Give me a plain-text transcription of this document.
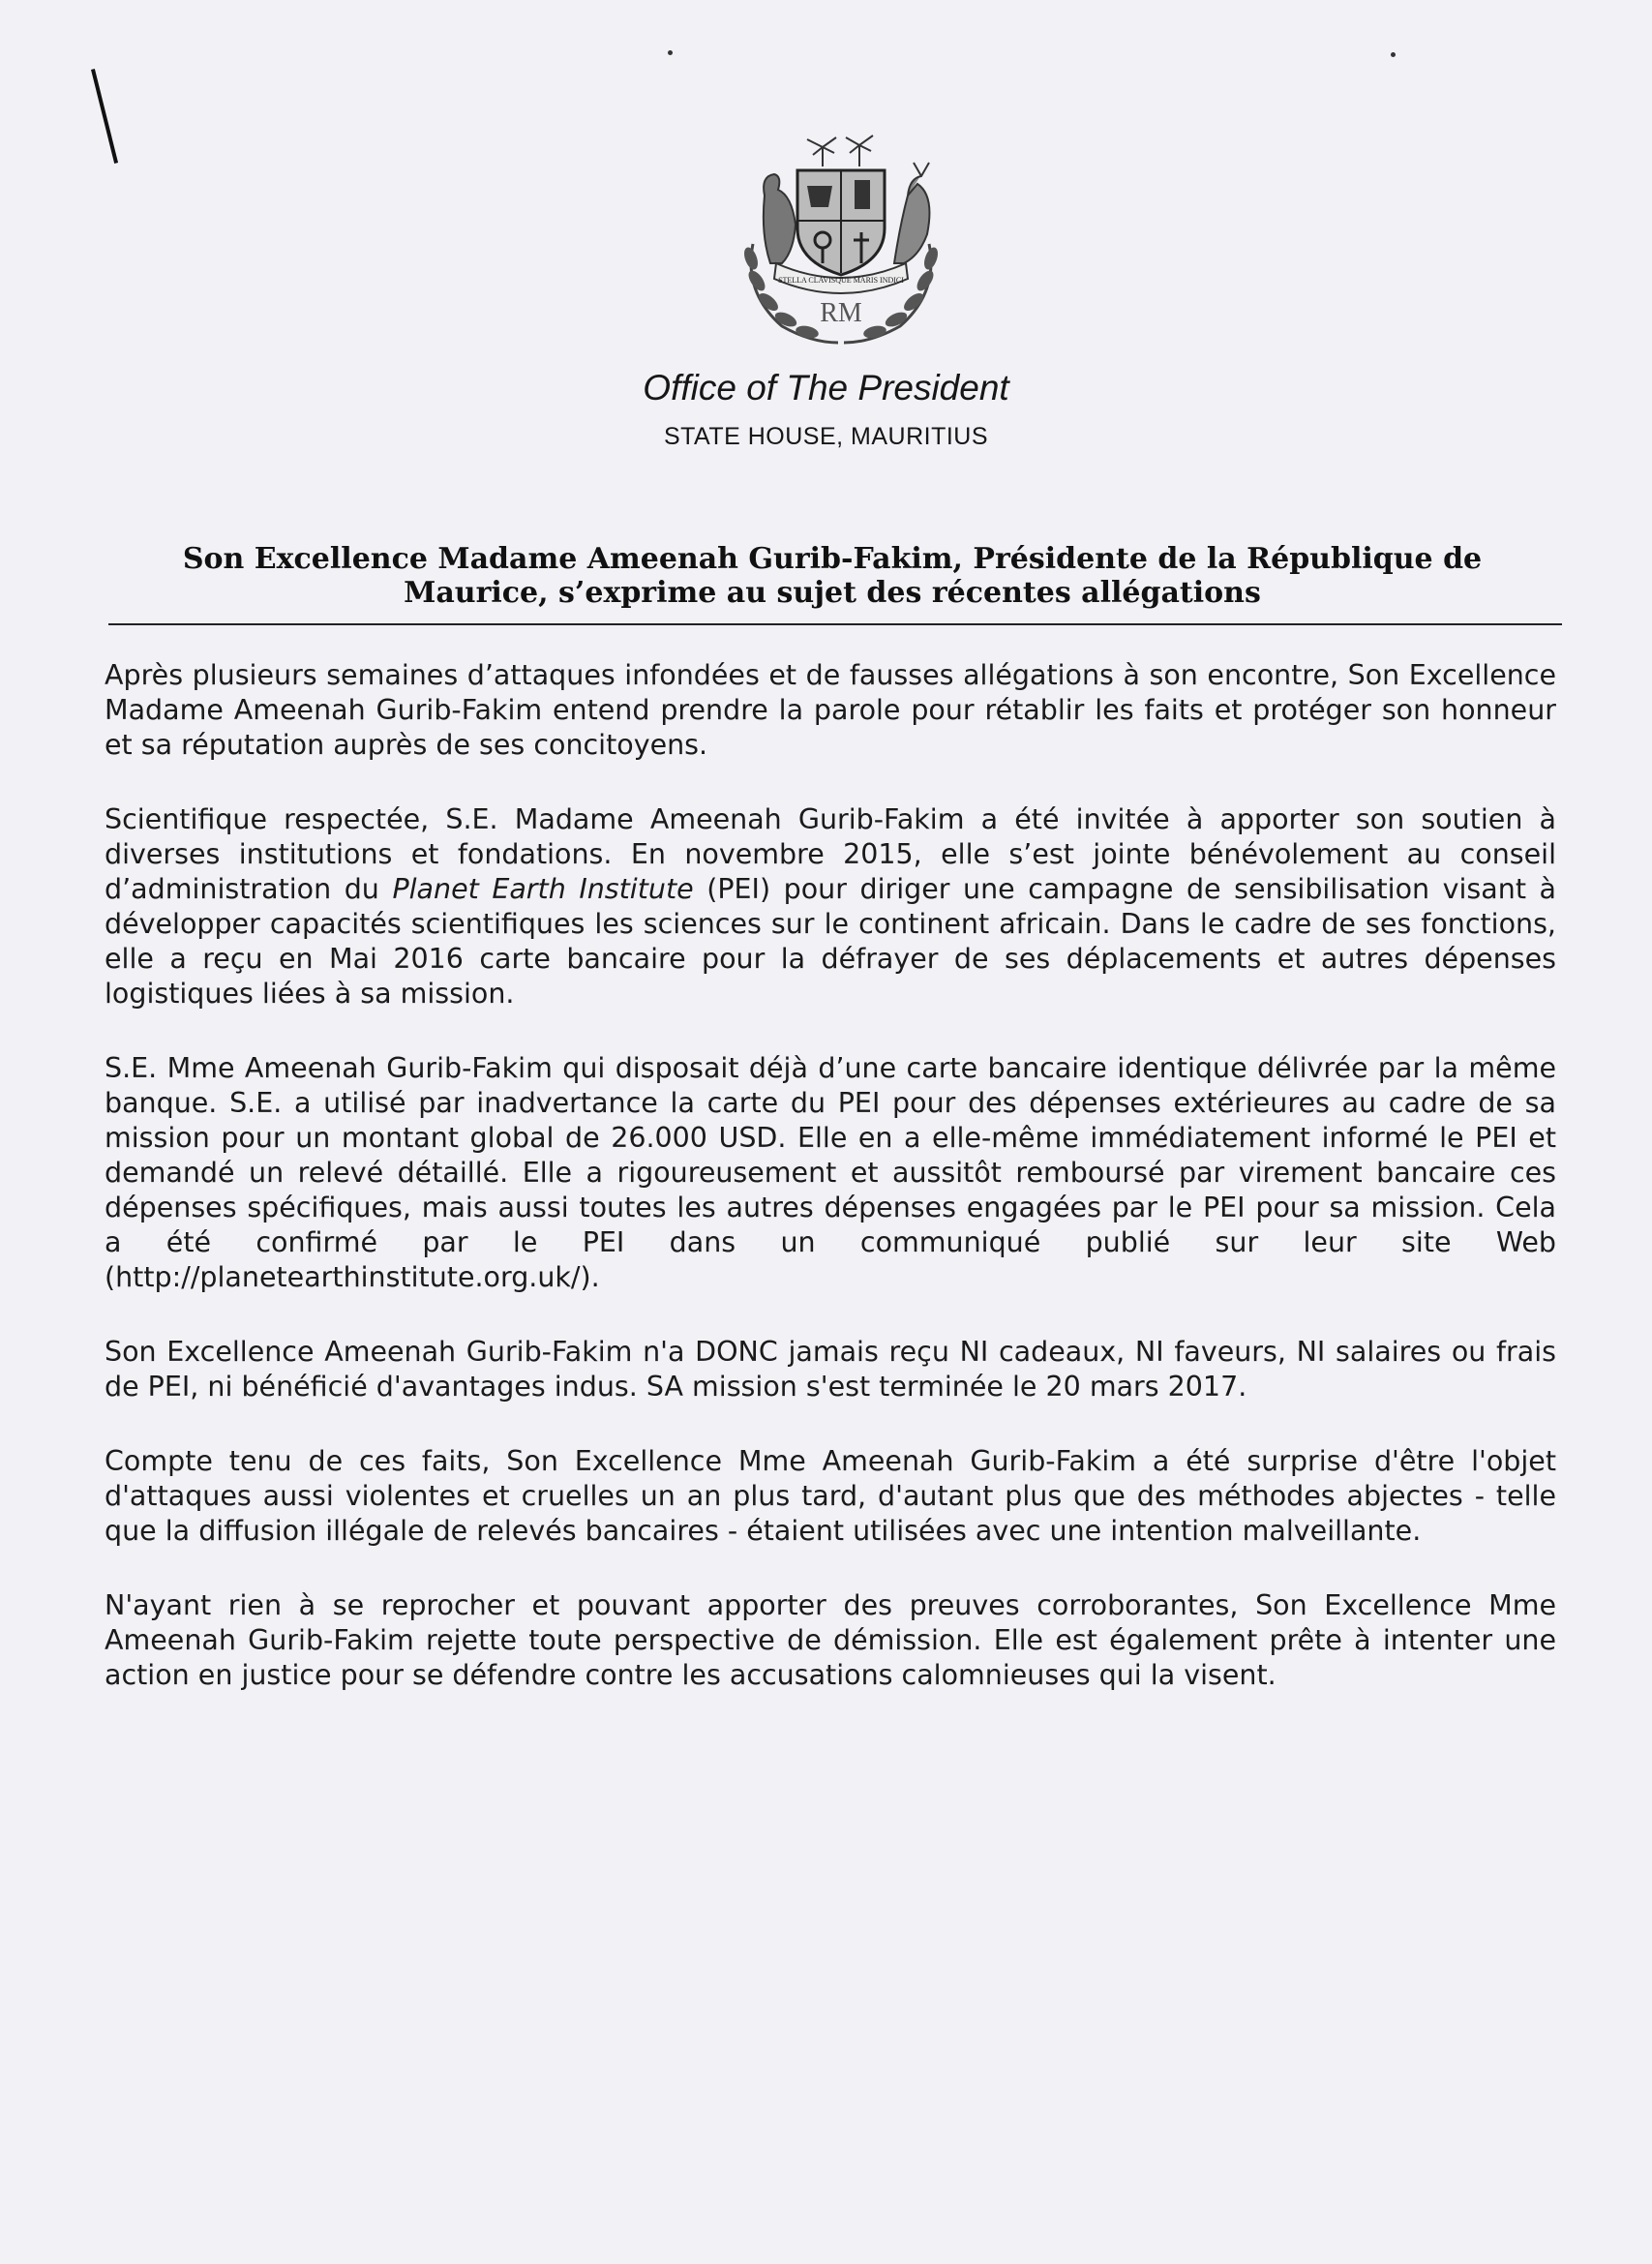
STELLA CLAVISQUE MARIS INDICI
RM

Office of The President

STATE HOUSE, MAURITIUS

Son Excellence Madame Ameenah Gurib-Fakim, Présidente de la République de Maurice, s’exprime au sujet des récentes allégations

Après plusieurs semaines d’attaques infondées et de fausses allégations à son encontre, Son Excellence Madame Ameenah Gurib-Fakim entend prendre la parole pour rétablir les faits et protéger son honneur et sa réputation auprès de ses concitoyens.

Scientifique respectée, S.E. Madame Ameenah Gurib-Fakim a été invitée à apporter son soutien à diverses institutions et fondations. En novembre 2015, elle s’est jointe bénévolement au conseil d’administration du Planet Earth Institute (PEI) pour diriger une campagne de sensibilisation visant à développer capacités scientifiques les sciences sur le continent africain. Dans le cadre de ses fonctions, elle a reçu en Mai 2016 carte bancaire pour la défrayer de ses déplacements et autres dépenses logistiques liées à sa mission.

S.E. Mme Ameenah Gurib-Fakim qui disposait déjà d’une carte bancaire identique délivrée par la même banque. S.E. a utilisé par inadvertance la carte du PEI pour des dépenses extérieures au cadre de sa mission pour un montant global de 26.000 USD. Elle en a elle-même immédiatement informé le PEI et demandé un relevé détaillé. Elle a rigoureusement et aussitôt remboursé par virement bancaire ces dépenses spécifiques, mais aussi toutes les autres dépenses engagées par le PEI pour sa mission. Cela a été confirmé par le PEI dans un communiqué publié sur leur site Web (http://planetearthinstitute.org.uk/).

Son Excellence Ameenah Gurib-Fakim n'a DONC jamais reçu NI cadeaux, NI faveurs, NI salaires ou frais de PEI, ni bénéficié d'avantages indus. SA mission s'est terminée le 20 mars 2017.

Compte tenu de ces faits, Son Excellence Mme Ameenah Gurib-Fakim a été surprise d'être l'objet d'attaques aussi violentes et cruelles un an plus tard, d'autant plus que des méthodes abjectes - telle que la diffusion illégale de relevés bancaires - étaient utilisées avec une intention malveillante.

N'ayant rien à se reprocher et pouvant apporter des preuves corroborantes, Son Excellence Mme Ameenah Gurib-Fakim rejette toute perspective de démission. Elle est également prête à intenter une action en justice pour se défendre contre les accusations calomnieuses qui la visent.
